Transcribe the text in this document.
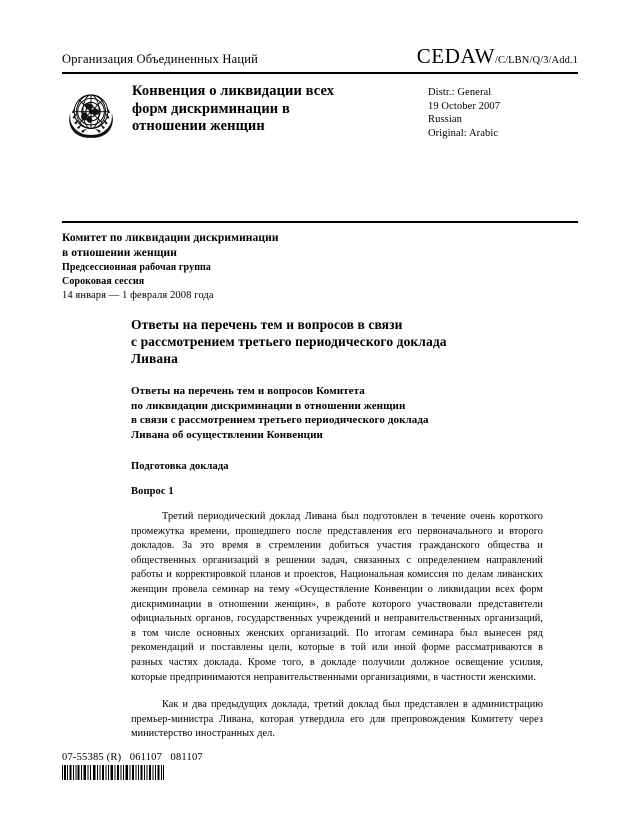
Организация Объединенных Наций	CEDAW /C/LBN/Q/3/Add.1
Конвенция о ликвидации всех
форм дискриминации в
отношении женщин
Distr.: General
19 October 2007
Russian
Original: Arabic
Комитет по ликвидации дискриминации
в отношении женщин
Предсессионная рабочая группа
Сороковая сессия
14 января — 1 февраля 2008 года
Ответы на перечень тем и вопросов в связи
с рассмотрением третьего периодического доклада
Ливана
Ответы на перечень тем и вопросов Комитета
по ликвидации дискриминации в отношении женщин
в связи с рассмотрением третьего периодического доклада
Ливана об осуществлении Конвенции
Подготовка доклада
Вопрос 1

Третий периодический доклад Ливана был подготовлен в течение очень короткого промежутка времени, прошедшего после представления его первоначального и второго докладов. За это время в стремлении добиться участия гражданского общества и общественных организаций в решении задач, связанных с определением направлений работы и корректировкой планов и проектов, Национальная комиссия по делам ливанских женщин провела семинар на тему «Осуществление Конвенции о ликвидации всех форм дискриминации в отношении женщин», в работе которого участвовали представители официальных органов, государственных учреждений и неправительственных организаций, в том числе основных женских организаций. По итогам семинара был вынесен ряд рекомендаций и поставлены цели, которые в той или иной форме рассматриваются в разных частях доклада. Кроме того, в докладе получили должное освещение усилия, которые предпринимаются неправительственными организациями, в частности женскими.

Как и два предыдущих доклада, третий доклад был представлен в администрацию премьер-министра Ливана, которая утвердила его для препровождения Комитету через министерство иностранных дел.

07-55385 (R)   061107   081107
